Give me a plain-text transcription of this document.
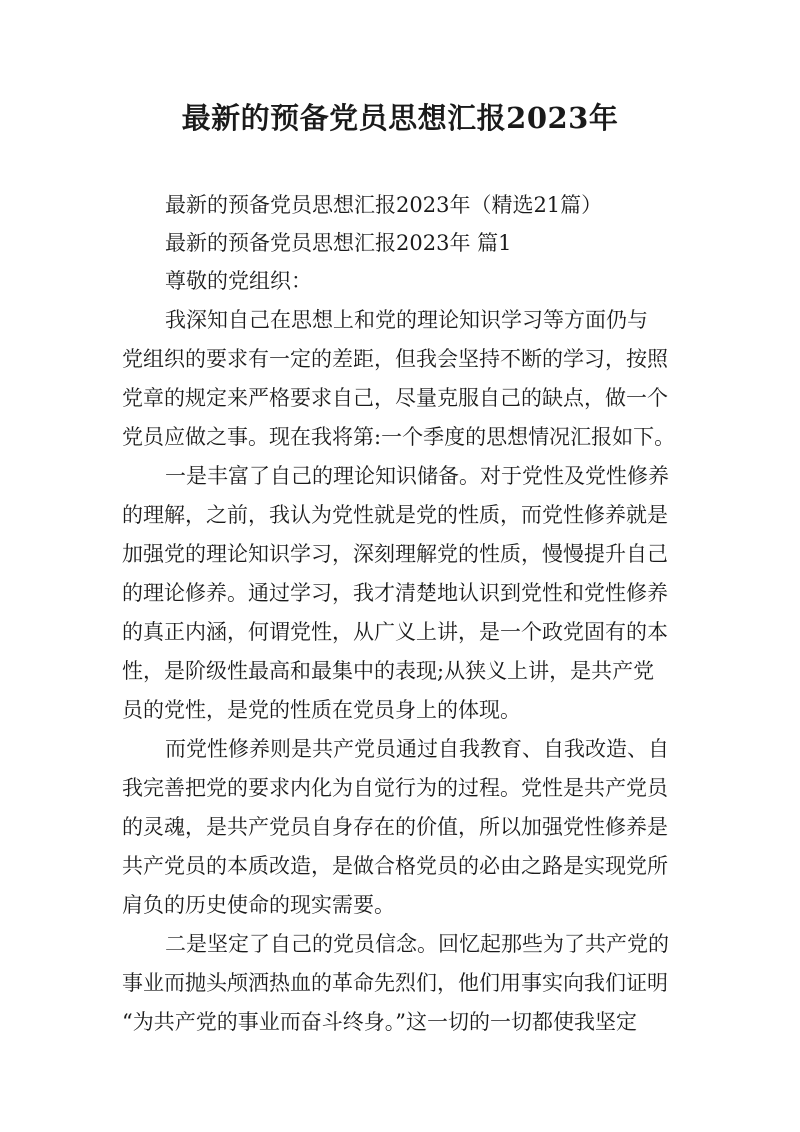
最新的预备党员思想汇报2023年

最新的预备党员思想汇报2023年（精选21篇）

最新的预备党员思想汇报2023年 篇1

尊敬的党组织：

我深知自己在思想上和党的理论知识学习等方面仍与

党组织的要求有一定的差距，但我会坚持不断的学习，按照

党章的规定来严格要求自己，尽量克服自己的缺点，做一个

党员应做之事。现在我将第:一个季度的思想情况汇报如下。

一是丰富了自己的理论知识储备。对于党性及党性修养

的理解，之前，我认为党性就是党的性质，而党性修养就是

加强党的理论知识学习，深刻理解党的性质，慢慢提升自己

的理论修养。通过学习，我才清楚地认识到党性和党性修养

的真正内涵，何谓党性，从广义上讲，是一个政党固有的本

性，是阶级性最高和最集中的表现;从狭义上讲，是共产党

员的党性，是党的性质在党员身上的体现。

而党性修养则是共产党员通过自我教育、自我改造、自

我完善把党的要求内化为自觉行为的过程。党性是共产党员

的灵魂，是共产党员自身存在的价值，所以加强党性修养是

共产党员的本质改造，是做合格党员的必由之路是实现党所

肩负的历史使命的现实需要。

二是坚定了自己的党员信念。回忆起那些为了共产党的

事业而抛头颅洒热血的革命先烈们，他们用事实向我们证明

“为共产党的事业而奋斗终身。”这一切的一切都使我坚定
